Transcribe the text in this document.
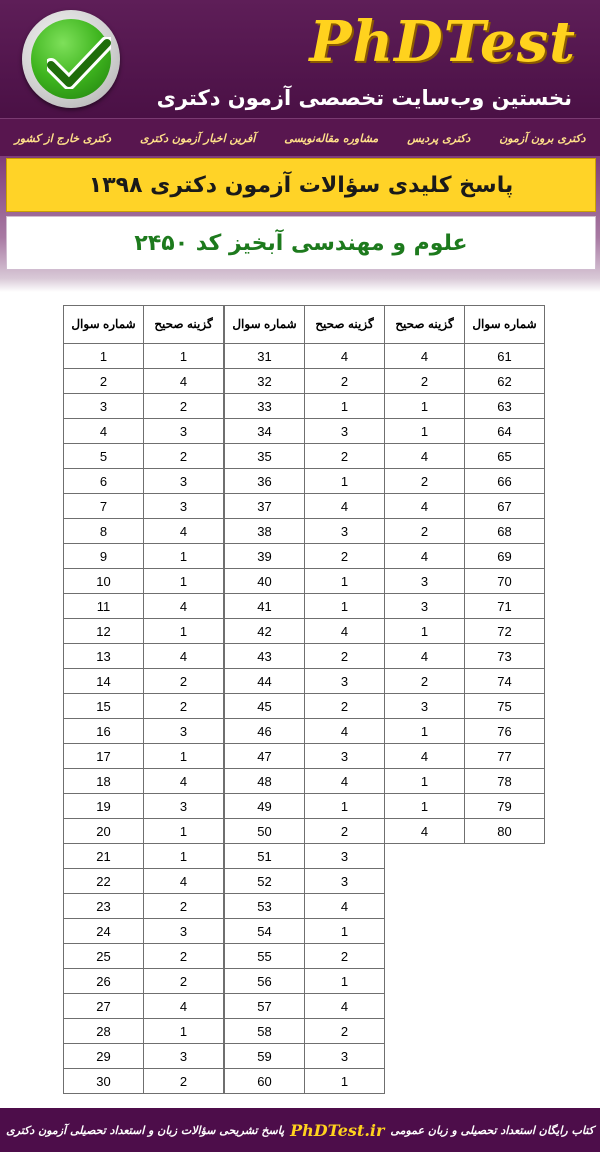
PhDTest
نخستین وب‌سایت تخصصی آزمون دکتری
دکتری خارج از کشور	آفرین اخبار آزمون دکتری	مشاوره مقاله‌نویسی	دکتری پردیس	دکتری برون آزمون
پاسخ کلیدی سؤالات آزمون دکتری ۱۳۹۸
علوم و مهندسی آبخیز کد ۲۴۵۰
شماره سوال	گزینه صحیح
1	1
2	4
3	2
4	3
5	2
6	3
7	3
8	4
9	1
10	1
11	4
12	1
13	4
14	2
15	2
16	3
17	1
18	4
19	3
20	1
21	1
22	4
23	2
24	3
25	2
26	2
27	4
28	1
29	3
30	2
شماره سوال	گزینه صحیح
31	4
32	2
33	1
34	3
35	2
36	1
37	4
38	3
39	2
40	1
41	1
42	4
43	2
44	3
45	2
46	4
47	3
48	4
49	1
50	2
51	3
52	3
53	4
54	1
55	2
56	1
57	4
58	2
59	3
60	1
گزینه صحیح	شماره سوال
4	61
2	62
1	63
1	64
4	65
2	66
4	67
2	68
4	69
3	70
3	71
1	72
4	73
2	74
3	75
1	76
4	77
1	78
1	79
4	80
کتاب رایگان استعداد تحصیلی و زبان عمومی
PhDTest.ir
پاسخ تشریحی سؤالات زبان و استعداد تحصیلی آزمون دکتری
